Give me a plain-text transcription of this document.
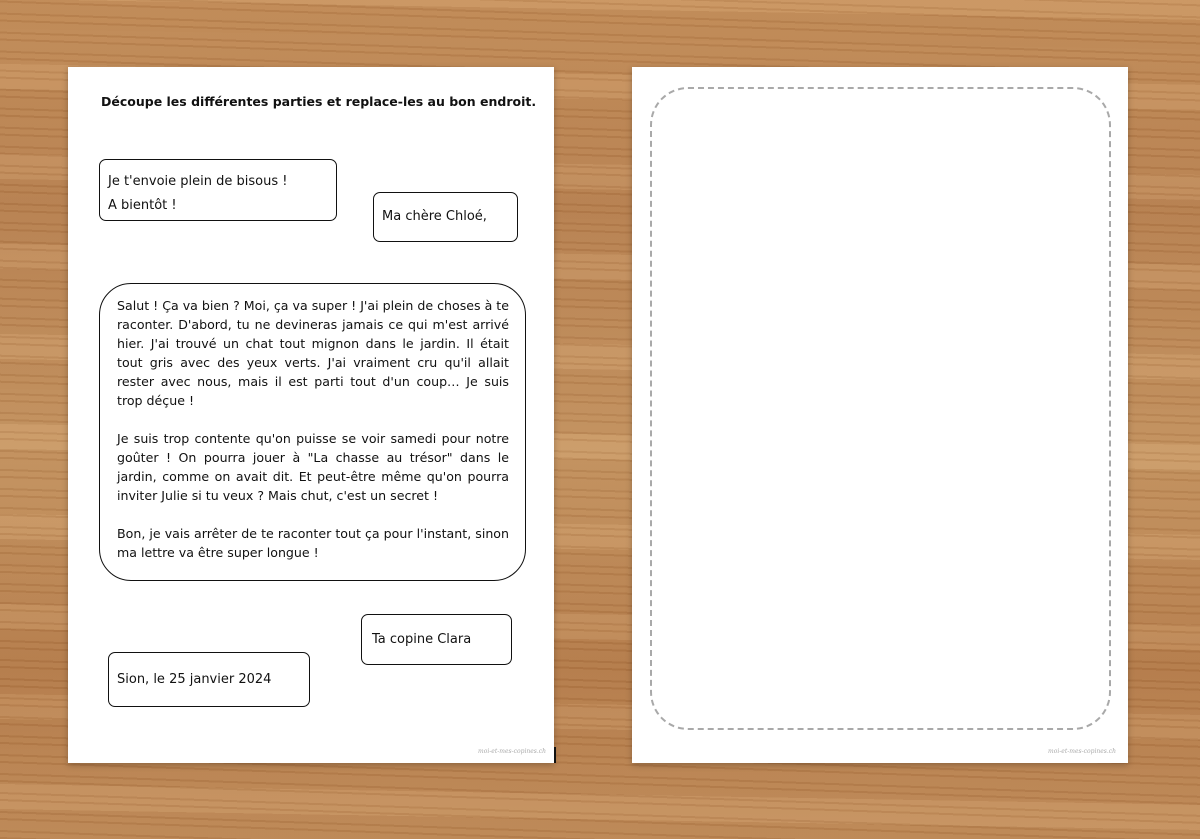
Découpe les différentes parties et replace-les au bon endroit.
Je t'envoie plein de bisous !
A bientôt !
Ma chère Chloé,

Salut ! Ça va bien ? Moi, ça va super ! J'ai plein de choses à te raconter. D'abord, tu ne devineras jamais ce qui m'est arrivé hier. J'ai trouvé un chat tout mignon dans le jardin. Il était tout gris avec des yeux verts. J'ai vraiment cru qu'il allait rester avec nous, mais il est parti tout d'un coup… Je suis trop déçue !

Je suis trop contente qu'on puisse se voir samedi pour notre goûter ! On pourra jouer à "La chasse au trésor" dans le jardin, comme on avait dit. Et peut-être même qu'on pourra inviter Julie si tu veux ? Mais chut, c'est un secret !

Bon, je vais arrêter de te raconter tout ça pour l'instant, sinon ma lettre va être super longue !

Ta copine Clara
Sion, le 25 janvier 2024
moi-et-mes-copines.ch	moi-et-mes-copines.ch
